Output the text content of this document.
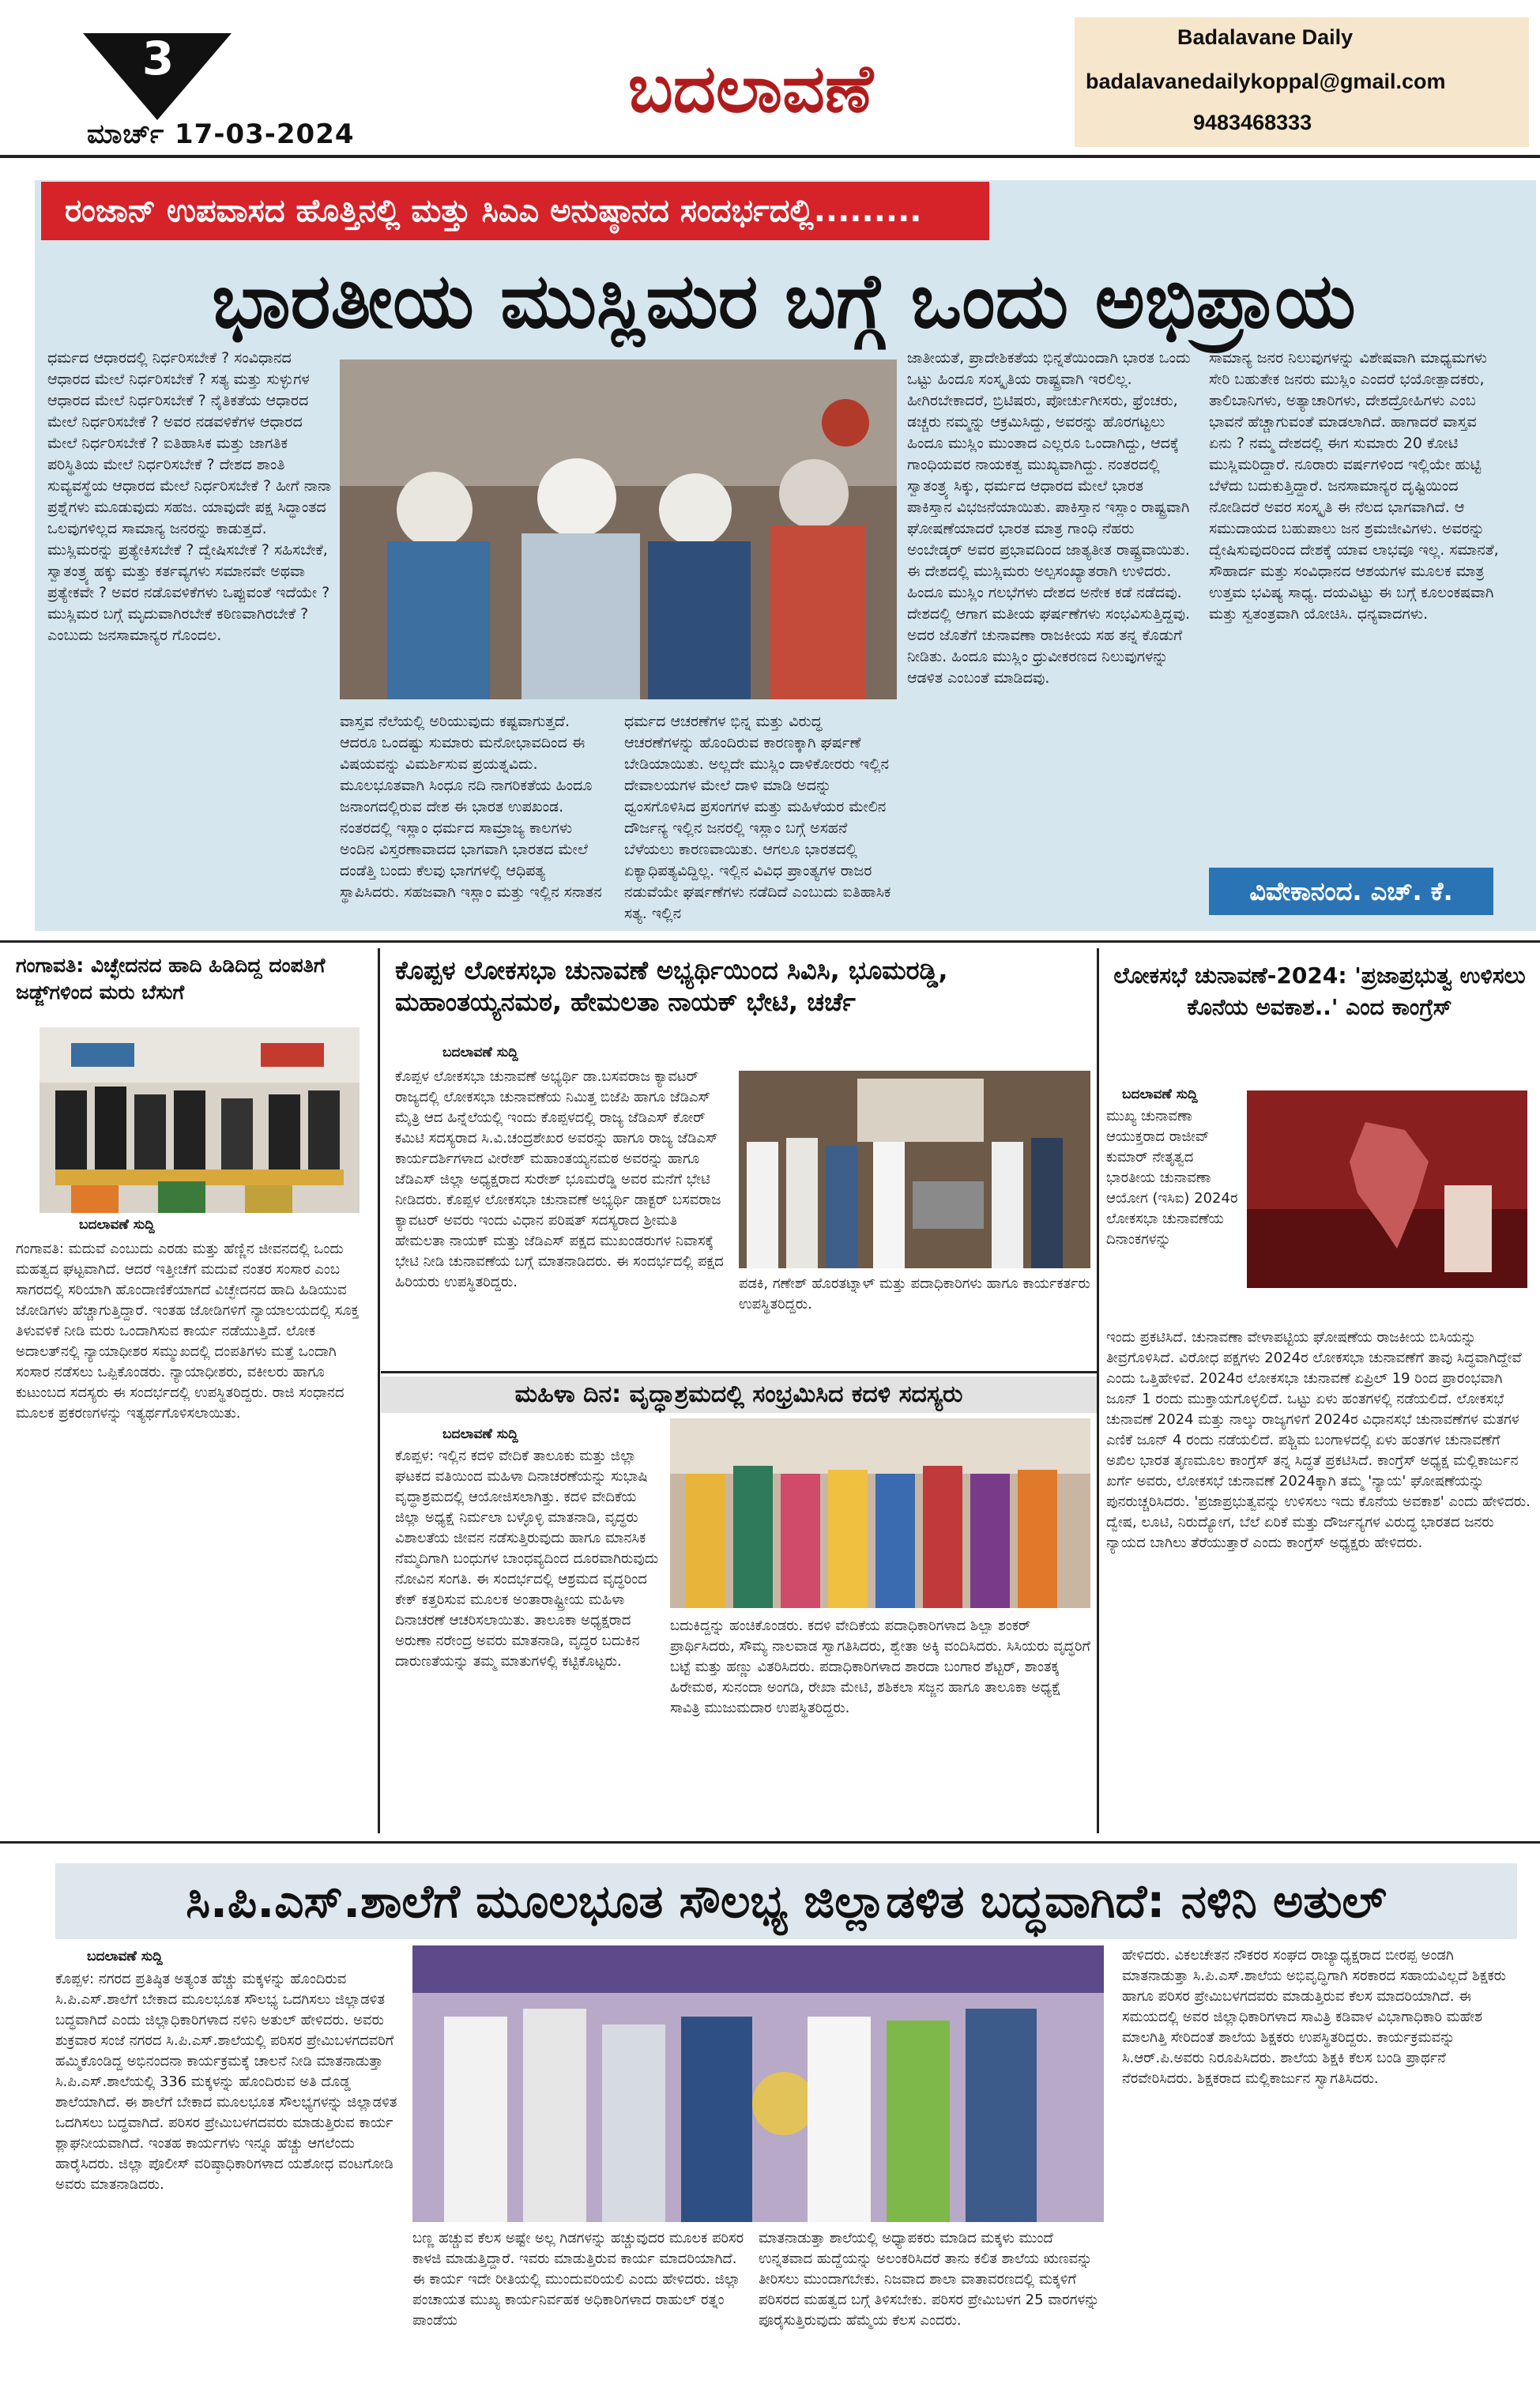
3
ಮಾರ್ಚ್ 17-03-2024
ಬದಲಾವಣೆ
Badalavane Daily
badalavanedailykoppal@gmail.com
9483468333
ರಂಜಾನ್ ಉಪವಾಸದ ಹೊತ್ತಿನಲ್ಲಿ ಮತ್ತು ಸಿಎಎ ಅನುಷ್ಠಾನದ ಸಂದರ್ಭದಲ್ಲಿ.........
ಭಾರತೀಯ ಮುಸ್ಲಿಮರ ಬಗ್ಗೆ ಒಂದು ಅಭಿಪ್ರಾಯ

ಧರ್ಮದ ಆಧಾರದಲ್ಲಿ ನಿರ್ಧರಿಸಬೇಕೆ ? ಸಂವಿಧಾನದ ಆಧಾರದ ಮೇಲೆ ನಿರ್ಧರಿಸಬೇಕೆ ? ಸತ್ಯ ಮತ್ತು ಸುಳ್ಳುಗಳ ಆಧಾರದ ಮೇಲೆ ನಿರ್ಧರಿಸಬೇಕೆ ? ನೈತಿಕತೆಯ ಆಧಾರದ ಮೇಲೆ ನಿರ್ಧರಿಸಬೇಕೆ ? ಅವರ ನಡವಳಿಕೆಗಳ ಆಧಾರದ ಮೇಲೆ ನಿರ್ಧರಿಸಬೇಕೆ ? ಐತಿಹಾಸಿಕ ಮತ್ತು ಜಾಗತಿಕ ಪರಿಸ್ಥಿತಿಯ ಮೇಲೆ ನಿರ್ಧರಿಸಬೇಕೆ ? ದೇಶದ ಶಾಂತಿ ಸುವ್ಯವಸ್ಥೆಯ ಆಧಾರದ ಮೇಲೆ ನಿರ್ಧರಿಸಬೇಕೆ ? ಹೀಗೆ ನಾನಾ ಪ್ರಶ್ನೆಗಳು ಮೂಡುವುದು ಸಹಜ. ಯಾವುದೇ ಪಕ್ಷ ಸಿದ್ಧಾಂತದ ಒಲವುಗಳಿಲ್ಲದ ಸಾಮಾನ್ಯ ಜನರನ್ನು ಕಾಡುತ್ತದೆ. ಮುಸ್ಲಿಮರನ್ನು ಪ್ರತ್ಯೇಕಿಸಬೇಕೆ ? ದ್ವೇಷಿಸಬೇಕೆ ? ಸಹಿಸಬೇಕೆ, ಸ್ವಾತಂತ್ರ್ಯ ಹಕ್ಕು ಮತ್ತು ಕರ್ತವ್ಯಗಳು ಸಮಾನವೇ ಅಥವಾ ಪ್ರತ್ಯೇಕವೇ ? ಅವರ ನಡೊವಳಿಕೆಗಳು ಒಪ್ಪುವಂತೆ ಇದೆಯೇ ? ಮುಸ್ಲಿಮರ ಬಗ್ಗೆ ಮೃದುವಾಗಿರಬೇಕೆ ಕಠಿಣವಾಗಿರಬೇಕೆ ? ಎಂಬುದು ಜನಸಾಮಾನ್ಯರ ಗೊಂದಲ.

ವಾಸ್ತವ ನೆಲೆಯಲ್ಲಿ ಅರಿಯುವುದು ಕಷ್ಟವಾಗುತ್ತದೆ. ಆದರೂ ಒಂದಷ್ಟು ಸುಮಾರು ಮನೋಭಾವದಿಂದ ಈ ವಿಷಯವನ್ನು ವಿಮರ್ಶಿಸುವ ಪ್ರಯತ್ನವಿದು. ಮೂಲಭೂತವಾಗಿ ಸಿಂಧೂ ನದಿ ನಾಗರಿಕತೆಯ ಹಿಂದೂ ಜನಾಂಗದಲ್ಲಿರುವ ದೇಶ ಈ ಭಾರತ ಉಪಖಂಡ. ನಂತರದಲ್ಲಿ ಇಸ್ಲಾಂ ಧರ್ಮದ ಸಾಮ್ರಾಜ್ಯ ಕಾಲಗಳು ಅಂದಿನ ವಿಸ್ತರಣಾವಾದದ ಭಾಗವಾಗಿ ಭಾರತದ ಮೇಲೆ ದಂಡೆತ್ತಿ ಬಂದು ಕೆಲವು ಭಾಗಗಳಲ್ಲಿ ಆಧಿಪತ್ಯ ಸ್ಥಾಪಿಸಿದರು. ಸಹಜವಾಗಿ ಇಸ್ಲಾಂ ಮತ್ತು ಇಲ್ಲಿನ ಸನಾತನ

ಧರ್ಮದ ಆಚರಣೆಗಳ ಭಿನ್ನ ಮತ್ತು ವಿರುದ್ಧ ಆಚರಣೆಗಳನ್ನು ಹೊಂದಿರುವ ಕಾರಣಕ್ಕಾಗಿ ಘರ್ಷಣೆ ಬೇಡಿಯಾಯಿತು. ಅಲ್ಲದೇ ಮುಸ್ಲಿಂ ದಾಳಿಕೋರರು ಇಲ್ಲಿನ ದೇವಾಲಯಗಳ ಮೇಲೆ ದಾಳಿ ಮಾಡಿ ಅದನ್ನು ಧ್ವಂಸಗೊಳಿಸಿದ ಪ್ರಸಂಗಗಳ ಮತ್ತು ಮಹಿಳೆಯರ ಮೇಲಿನ ದೌರ್ಜನ್ಯ ಇಲ್ಲಿನ ಜನರಲ್ಲಿ ಇಸ್ಲಾಂ ಬಗ್ಗೆ ಅಸಹನೆ ಬೆಳೆಯಲು ಕಾರಣವಾಯಿತು. ಆಗಲೂ ಭಾರತದಲ್ಲಿ ಏಕ್ಯಾಧಿಪತ್ಯವಿದ್ದಿಲ್ಲ. ಇಲ್ಲಿನ ವಿವಿಧ ಪ್ರಾಂತ್ಯಗಳ ರಾಜರ ನಡುವೆಯೇ ಘರ್ಷಣೆಗಳು ನಡೆದಿದೆ ಎಂಬುದು ಐತಿಹಾಸಿಕ ಸತ್ಯ. ಇಲ್ಲಿನ

ಜಾತೀಯತೆ, ಪ್ರಾದೇಶಿಕತೆಯ ಭಿನ್ನತೆಯಿಂದಾಗಿ ಭಾರತ ಒಂದು ಒಟ್ಟು ಹಿಂದೂ ಸಂಸ್ಕೃತಿಯ ರಾಷ್ಟ್ರವಾಗಿ ಇರಲಿಲ್ಲ. ಹೀಗಿರಬೇಕಾದರೆ, ಬ್ರಿಟಿಷರು, ಪೋರ್ಚುಗೀಸರು, ಫ್ರೆಂಚರು, ಡಚ್ಚರು ನಮ್ಮನ್ನು ಆಕ್ರಮಿಸಿದ್ದು, ಅವರನ್ನು ಹೊರಗಟ್ಟಲು ಹಿಂದೂ ಮುಸ್ಲಿಂ ಮುಂತಾದ ಎಲ್ಲರೂ ಒಂದಾಗಿದ್ದು, ಆದಕ್ಕೆ ಗಾಂಧಿಯವರ ನಾಯಕತ್ವ ಮುಖ್ಯವಾಗಿದ್ದು. ನಂತರದಲ್ಲಿ ಸ್ವಾತಂತ್ರ್ಯ ಸಿಕ್ಕು, ಧರ್ಮದ ಆಧಾರದ ಮೇಲೆ ಭಾರತ ಪಾಕಿಸ್ತಾನ ವಿಭಜನೆಯಾಯಿತು. ಪಾಕಿಸ್ತಾನ ಇಸ್ಲಾಂ ರಾಷ್ಟ್ರವಾಗಿ ಘೋಷಣೆಯಾದರೆ ಭಾರತ ಮಾತ್ರ ಗಾಂಧಿ ನೆಹರು ಅಂಬೇಡ್ಕರ್ ಅವರ ಪ್ರಭಾವದಿಂದ ಜಾತ್ಯತೀತ ರಾಷ್ಟ್ರವಾಯಿತು. ಈ ದೇಶದಲ್ಲಿ ಮುಸ್ಲಿಮರು ಅಲ್ಪಸಂಖ್ಯಾತರಾಗಿ ಉಳಿದರು. ಹಿಂದೂ ಮುಸ್ಲಿಂ ಗಲಭೆಗಳು ದೇಶದ ಅನೇಕ ಕಡೆ ನಡೆದವು. ದೇಶದಲ್ಲಿ ಆಗಾಗ ಮತೀಯ ಘರ್ಷಣೆಗಳು ಸಂಭವಿಸುತ್ತಿದ್ದವು. ಅದರ ಜೊತೆಗೆ ಚುನಾವಣಾ ರಾಜಕೀಯ ಸಹ ತನ್ನ ಕೊಡುಗೆ ನೀಡಿತು. ಹಿಂದೂ ಮುಸ್ಲಿಂ ಧ್ರುವೀಕರಣದ ನಿಲುವುಗಳನ್ನು ಆಡಳಿತ ಎಂಬಂತೆ ಮಾಡಿದವು.

ಸಾಮಾನ್ಯ ಜನರ ನಿಲುವುಗಳನ್ನು ವಿಶೇಷವಾಗಿ ಮಾಧ್ಯಮಗಳು ಸೇರಿ ಬಹುತೇಕ ಜನರು ಮುಸ್ಲಿಂ ಎಂದರೆ ಭಯೋತ್ಪಾದಕರು, ತಾಲಿಬಾನಿಗಳು, ಅತ್ಯಾಚಾರಿಗಳು, ದೇಶದ್ರೋಹಿಗಳು ಎಂಬ ಭಾವನೆ ಹೆಚ್ಚಾಗುವಂತೆ ಮಾಡಲಾಗಿದೆ. ಹಾಗಾದರೆ ವಾಸ್ತವ ಏನು ? ನಮ್ಮ ದೇಶದಲ್ಲಿ ಈಗ ಸುಮಾರು 20 ಕೋಟಿ ಮುಸ್ಲಿಮರಿದ್ದಾರೆ. ನೂರಾರು ವರ್ಷಗಳಿಂದ ಇಲ್ಲಿಯೇ ಹುಟ್ಟಿ ಬೆಳೆದು ಬದುಕುತ್ತಿದ್ದಾರೆ. ಜನಸಾಮಾನ್ಯರ ದೃಷ್ಟಿಯಿಂದ ನೋಡಿದರೆ ಅವರ ಸಂಸ್ಕೃತಿ ಈ ನೆಲದ ಭಾಗವಾಗಿದೆ. ಆ ಸಮುದಾಯದ ಬಹುಪಾಲು ಜನ ಶ್ರಮಜೀವಿಗಳು. ಅವರನ್ನು ದ್ವೇಷಿಸುವುದರಿಂದ ದೇಶಕ್ಕೆ ಯಾವ ಲಾಭವೂ ಇಲ್ಲ. ಸಮಾನತೆ, ಸೌಹಾರ್ದ ಮತ್ತು ಸಂವಿಧಾನದ ಆಶಯಗಳ ಮೂಲಕ ಮಾತ್ರ ಉತ್ತಮ ಭವಿಷ್ಯ ಸಾಧ್ಯ. ದಯವಿಟ್ಟು ಈ ಬಗ್ಗೆ ಕೂಲಂಕಷವಾಗಿ ಮತ್ತು ಸ್ವತಂತ್ರವಾಗಿ ಯೋಚಿಸಿ. ಧನ್ಯವಾದಗಳು.

ವಿವೇಕಾನಂದ. ಎಚ್. ಕೆ.
ಗಂಗಾವತಿ: ವಿಚ್ಛೇದನದ ಹಾದಿ ಹಿಡಿದಿದ್ದ ದಂಪತಿಗೆ ಜಡ್ಜ್‌ಗಳಿಂದ ಮರು ಬೆಸುಗೆ
ಬದಲಾವಣೆ ಸುದ್ದಿ

ಗಂಗಾವತಿ: ಮದುವೆ ಎಂಬುದು ಎರಡು ಮತ್ತು ಹೆಣ್ಣಿನ ಜೀವನದಲ್ಲಿ ಒಂದು ಮಹತ್ವದ ಘಟ್ಟವಾಗಿದೆ. ಆದರೆ ಇತ್ತೀಚೆಗೆ ಮದುವೆ ನಂತರ ಸಂಸಾರ ಎಂಬ ಸಾಗರದಲ್ಲಿ ಸರಿಯಾಗಿ ಹೊಂದಾಣಿಕೆಯಾಗದೆ ವಿಚ್ಛೇದನದ ಹಾದಿ ಹಿಡಿಯುವ ಜೋಡಿಗಳು ಹೆಚ್ಚಾಗುತ್ತಿದ್ದಾರೆ. ಇಂತಹ ಜೋಡಿಗಳಿಗೆ ನ್ಯಾಯಾಲಯದಲ್ಲಿ ಸೂಕ್ತ ತಿಳುವಳಿಕೆ ನೀಡಿ ಮರು ಒಂದಾಗಿಸುವ ಕಾರ್ಯ ನಡೆಯುತ್ತಿದೆ. ಲೋಕ ಅದಾಲತ್‌ನಲ್ಲಿ ನ್ಯಾಯಾಧೀಶರ ಸಮ್ಮುಖದಲ್ಲಿ ದಂಪತಿಗಳು ಮತ್ತೆ ಒಂದಾಗಿ ಸಂಸಾರ ನಡೆಸಲು ಒಪ್ಪಿಕೊಂಡರು. ನ್ಯಾಯಾಧೀಶರು, ವಕೀಲರು ಹಾಗೂ ಕುಟುಂಬದ ಸದಸ್ಯರು ಈ ಸಂದರ್ಭದಲ್ಲಿ ಉಪಸ್ಥಿತರಿದ್ದರು. ರಾಜಿ ಸಂಧಾನದ ಮೂಲಕ ಪ್ರಕರಣಗಳನ್ನು ಇತ್ಯರ್ಥಗೊಳಿಸಲಾಯಿತು.

ಕೊಪ್ಪಳ ಲೋಕಸಭಾ ಚುನಾವಣೆ ಅಭ್ಯರ್ಥಿಯಿಂದ ಸಿವಿಸಿ, ಭೂಮರಡ್ಡಿ, ಮಹಾಂತಯ್ಯನಮಠ, ಹೇಮಲತಾ ನಾಯಕ್ ಭೇಟಿ, ಚರ್ಚೆ
ಬದಲಾವಣೆ ಸುದ್ದಿ

ಕೊಪ್ಪಳ ಲೋಕಸಭಾ ಚುನಾವಣೆ ಅಭ್ಯರ್ಥಿ ಡಾ.ಬಸವರಾಜ ಕ್ಯಾವಟರ್ ರಾಜ್ಯದಲ್ಲಿ ಲೋಕಸಭಾ ಚುನಾವಣೆಯ ನಿಮಿತ್ತ ಬಿಜೆಪಿ ಹಾಗೂ ಜೆಡಿಎಸ್ ಮೈತ್ರಿ ಆದ ಹಿನ್ನೆಲೆಯಲ್ಲಿ ಇಂದು ಕೊಪ್ಪಳದಲ್ಲಿ ರಾಜ್ಯ ಜೆಡಿಎಸ್ ಕೋರ್ ಕಮಿಟಿ ಸದಸ್ಯರಾದ ಸಿ.ವಿ.ಚಂದ್ರಶೇಖರ ಅವರನ್ನು ಹಾಗೂ ರಾಜ್ಯ ಜೆಡಿಎಸ್ ಕಾರ್ಯದರ್ಶಿಗಳಾದ ವೀರೇಶ್ ಮಹಾಂತಯ್ಯನಮಠ ಅವರನ್ನು ಹಾಗೂ ಜೆಡಿಎಸ್ ಜಿಲ್ಲಾ ಅಧ್ಯಕ್ಷರಾದ ಸುರೇಶ್ ಭೂಮರೆಡ್ಡಿ ಅವರ ಮನೆಗೆ ಭೇಟಿ ನೀಡಿದರು. ಕೊಪ್ಪಳ ಲೋಕಸಭಾ ಚುನಾವಣೆ ಅಭ್ಯರ್ಥಿ ಡಾಕ್ಟರ್ ಬಸವರಾಜ ಕ್ಯಾವಟರ್ ಅವರು ಇಂದು ವಿಧಾನ ಪರಿಷತ್ ಸದಸ್ಯರಾದ ಶ್ರೀಮತಿ ಹೇಮಲತಾ ನಾಯಕ್ ಮತ್ತು ಜೆಡಿಎಸ್ ಪಕ್ಷದ ಮುಖಂಡರುಗಳ ನಿವಾಸಕ್ಕೆ ಭೇಟಿ ನೀಡಿ ಚುನಾವಣೆಯ ಬಗ್ಗೆ ಮಾತನಾಡಿದರು. ಈ ಸಂದರ್ಭದಲ್ಲಿ ಪಕ್ಷದ ಹಿರಿಯರು ಉಪಸ್ಥಿತರಿದ್ದರು.	ಪಡಕಿ, ಗಣೇಶ್ ಹೊರತಟ್ನಾಳ್ ಮತ್ತು ಪದಾಧಿಕಾರಿಗಳು ಹಾಗೂ ಕಾರ್ಯಕರ್ತರು ಉಪಸ್ಥಿತರಿದ್ದರು.

ಮಹಿಳಾ ದಿನ: ವೃದ್ಧಾಶ್ರಮದಲ್ಲಿ ಸಂಭ್ರಮಿಸಿದ ಕದಳಿ ಸದಸ್ಯರು
ಬದಲಾವಣೆ ಸುದ್ದಿ

ಕೊಪ್ಪಳ: ಇಲ್ಲಿನ ಕದಳಿ ವೇದಿಕೆ ತಾಲೂಕು ಮತ್ತು ಜಿಲ್ಲಾ ಘಟಕದ ವತಿಯಿಂದ ಮಹಿಳಾ ದಿನಾಚರಣೆಯನ್ನು ಸುಭಾಷಿ ವೃದ್ಧಾಶ್ರಮದಲ್ಲಿ ಆಯೋಜಿಸಲಾಗಿತ್ತು. ಕದಳಿ ವೇದಿಕೆಯ ಜಿಲ್ಲಾ ಅಧ್ಯಕ್ಷೆ ನಿರ್ಮಲಾ ಬಳ್ಳೊಳ್ಳಿ ಮಾತನಾಡಿ, ವೃದ್ಧರು ವಿಶಾಲತೆಯ ಜೀವನ ನಡೆಸುತ್ತಿರುವುದು ಹಾಗೂ ಮಾನಸಿಕ ನೆಮ್ಮದಿಗಾಗಿ ಬಂಧುಗಳ ಬಾಂಧವ್ಯದಿಂದ ದೂರವಾಗಿರುವುದು ನೋವಿನ ಸಂಗತಿ. ಈ ಸಂದರ್ಭದಲ್ಲಿ ಆಶ್ರಮದ ವೃದ್ಧರಿಂದ ಕೇಕ್ ಕತ್ತರಿಸುವ ಮೂಲಕ ಅಂತಾರಾಷ್ಟ್ರೀಯ ಮಹಿಳಾ ದಿನಾಚರಣೆ ಆಚರಿಸಲಾಯಿತು. ತಾಲೂಕಾ ಅಧ್ಯಕ್ಷರಾದ ಅರುಣಾ ನರೇಂದ್ರ ಅವರು ಮಾತನಾಡಿ, ವೃದ್ಧರ ಬದುಕಿನ ದಾರುಣತೆಯನ್ನು ತಮ್ಮ ಮಾತುಗಳಲ್ಲಿ ಕಟ್ಟಿಕೊಟ್ಟರು.

ಬದುಕಿದ್ದನ್ನು ಹಂಚಿಕೊಂಡರು. ಕದಳಿ ವೇದಿಕೆಯ ಪದಾಧಿಕಾರಿಗಳಾದ ಶಿಲ್ಪಾ ಶಂಕರ್ ಪ್ರಾರ್ಥಿಸಿದರು, ಸೌಮ್ಯ ನಾಲವಾಡ ಸ್ವಾಗತಿಸಿದರು, ಶ್ವೇತಾ ಅಕ್ಕಿ ವಂದಿಸಿದರು. ಸಿಸಿಯರು ವೃದ್ಧರಿಗೆ ಬಟ್ಟೆ ಮತ್ತು ಹಣ್ಣು ವಿತರಿಸಿದರು. ಪದಾಧಿಕಾರಿಗಳಾದ ಶಾರದಾ ಬಂಗಾರ ಶೆಟ್ಟರ್, ಶಾಂತಕ್ಕ ಹಿರೇಮಠ, ಸುನಂದಾ ಅಂಗಡಿ, ರೇಖಾ ಮೇಟಿ, ಶಶಿಕಲಾ ಸಜ್ಜನ ಹಾಗೂ ತಾಲೂಕಾ ಅಧ್ಯಕ್ಷೆ ಸಾವಿತ್ರಿ ಮುಜುಮದಾರ ಉಪಸ್ಥಿತರಿದ್ದರು.

ಲೋಕಸಭೆ ಚುನಾವಣೆ-2024: 'ಪ್ರಜಾಪ್ರಭುತ್ವ ಉಳಿಸಲು ಕೊನೆಯ ಅವಕಾಶ..' ಎಂದ ಕಾಂಗ್ರೆಸ್
ಬದಲಾವಣೆ ಸುದ್ದಿ

ಮುಖ್ಯ ಚುನಾವಣಾ ಆಯುಕ್ತರಾದ ರಾಜೀವ್ ಕುಮಾರ್ ನೇತೃತ್ವದ ಭಾರತೀಯ ಚುನಾವಣಾ ಆಯೋಗ (ಇಸಿಐ) 2024ರ ಲೋಕಸಭಾ ಚುನಾವಣೆಯ ದಿನಾಂಕಗಳನ್ನು

ಇಂದು ಪ್ರಕಟಿಸಿದೆ. ಚುನಾವಣಾ ವೇಳಾಪಟ್ಟಿಯ ಘೋಷಣೆಯ ರಾಜಕೀಯ ಬಿಸಿಯನ್ನು ತೀವ್ರಗೊಳಿಸಿದೆ. ವಿರೋಧ ಪಕ್ಷಗಳು 2024ರ ಲೋಕಸಭಾ ಚುನಾವಣೆಗೆ ತಾವು ಸಿದ್ಧವಾಗಿದ್ದೇವೆ ಎಂದು ಒತ್ತಿಹೇಳಿವೆ. 2024ರ ಲೋಕಸಭಾ ಚುನಾವಣೆ ಏಪ್ರಿಲ್ 19 ರಿಂದ ಪ್ರಾರಂಭವಾಗಿ ಜೂನ್ 1 ರಂದು ಮುಕ್ತಾಯಗೊಳ್ಳಲಿದೆ. ಒಟ್ಟು ಏಳು ಹಂತಗಳಲ್ಲಿ ನಡೆಯಲಿದೆ. ಲೋಕಸಭೆ ಚುನಾವಣೆ 2024 ಮತ್ತು ನಾಲ್ಕು ರಾಜ್ಯಗಳಿಗೆ 2024ರ ವಿಧಾನಸಭೆ ಚುನಾವಣೆಗಳ ಮತಗಳ ಎಣಿಕೆ ಜೂನ್ 4 ರಂದು ನಡೆಯಲಿದೆ. ಪಶ್ಚಿಮ ಬಂಗಾಳದಲ್ಲಿ ಏಳು ಹಂತಗಳ ಚುನಾವಣೆಗೆ ಅಖಿಲ ಭಾರತ ತೃಣಮೂಲ ಕಾಂಗ್ರೆಸ್ ತನ್ನ ಸಿದ್ಧತೆ ಪ್ರಕಟಿಸಿದೆ. ಕಾಂಗ್ರೆಸ್ ಅಧ್ಯಕ್ಷ ಮಲ್ಲಿಕಾರ್ಜುನ ಖರ್ಗೆ ಅವರು, ಲೋಕಸಭೆ ಚುನಾವಣೆ 2024ಕ್ಕಾಗಿ ತಮ್ಮ 'ನ್ಯಾಯ' ಘೋಷಣೆಯನ್ನು ಪುನರುಚ್ಚರಿಸಿದರು. 'ಪ್ರಜಾಪ್ರಭುತ್ವವನ್ನು ಉಳಿಸಲು ಇದು ಕೊನೆಯ ಅವಕಾಶ' ಎಂದು ಹೇಳಿದರು. ದ್ವೇಷ, ಲೂಟಿ, ನಿರುದ್ಯೋಗ, ಬೆಲೆ ಏರಿಕೆ ಮತ್ತು ದೌರ್ಜನ್ಯಗಳ ವಿರುದ್ಧ ಭಾರತದ ಜನರು ನ್ಯಾಯದ ಬಾಗಿಲು ತೆರೆಯುತ್ತಾರೆ ಎಂದು ಕಾಂಗ್ರೆಸ್ ಅಧ್ಯಕ್ಷರು ಹೇಳಿದರು.

ಸಿ.ಪಿ.ಎಸ್.ಶಾಲೆಗೆ ಮೂಲಭೂತ ಸೌಲಭ್ಯ ಜಿಲ್ಲಾಡಳಿತ ಬದ್ಧವಾಗಿದೆ: ನಳಿನಿ ಅತುಲ್
ಬದಲಾವಣೆ ಸುದ್ದಿ

ಕೊಪ್ಪಳ: ನಗರದ ಪ್ರತಿಷ್ಠಿತ ಅತ್ಯಂತ ಹೆಚ್ಚು ಮಕ್ಕಳನ್ನು ಹೊಂದಿರುವ ಸಿ.ಪಿ.ಎಸ್.ಶಾಲೆಗೆ ಬೇಕಾದ ಮೂಲಭೂತ ಸೌಲಭ್ಯ ಒದಗಿಸಲು ಜಿಲ್ಲಾಡಳಿತ ಬದ್ಧವಾಗಿದೆ ಎಂದು ಜಿಲ್ಲಾಧಿಕಾರಿಗಳಾದ ನಳಿನಿ ಅತುಲ್ ಹೇಳಿದರು. ಅವರು ಶುಕ್ರವಾರ ಸಂಜೆ ನಗರದ ಸಿ.ಪಿ.ಎಸ್.ಶಾಲೆಯಲ್ಲಿ ಪರಿಸರ ಪ್ರೇಮಿಬಳಗದವರಿಗೆ ಹಮ್ಮಿಕೊಂಡಿದ್ದ ಅಭಿನಂದನಾ ಕಾರ್ಯಕ್ರಮಕ್ಕೆ ಚಾಲನೆ ನೀಡಿ ಮಾತನಾಡುತ್ತಾ ಸಿ.ಪಿ.ಎಸ್.ಶಾಲೆಯಲ್ಲಿ 336 ಮಕ್ಕಳನ್ನು ಹೊಂದಿರುವ ಅತಿ ದೊಡ್ಡ ಶಾಲೆಯಾಗಿದೆ. ಈ ಶಾಲೆಗೆ ಬೇಕಾದ ಮೂಲಭೂತ ಸೌಲಭ್ಯಗಳನ್ನು ಜಿಲ್ಲಾಡಳಿತ ಒದಗಿಸಲು ಬದ್ಧವಾಗಿದೆ. ಪರಿಸರ ಪ್ರೇಮಿಬಳಗದವರು ಮಾಡುತ್ತಿರುವ ಕಾರ್ಯ ಶ್ಲಾಘನೀಯವಾಗಿದೆ. ಇಂತಹ ಕಾರ್ಯಗಳು ಇನ್ನೂ ಹೆಚ್ಚು ಆಗಲೆಂದು ಹಾರೈಸಿದರು. ಜಿಲ್ಲಾ ಪೊಲೀಸ್ ವರಿಷ್ಠಾಧಿಕಾರಿಗಳಾದ ಯಶೋಧ ವಂಟಗೋಡಿ ಅವರು ಮಾತನಾಡಿದರು.

ಬಣ್ಣ ಹಚ್ಚುವ ಕೆಲಸ ಅಷ್ಟೇ ಅಲ್ಲ ಗಿಡಗಳನ್ನು ಹಚ್ಚುವುದರ ಮೂಲಕ ಪರಿಸರ ಕಾಳಜಿ ಮಾಡುತ್ತಿದ್ದಾರೆ. ಇವರು ಮಾಡುತ್ತಿರುವ ಕಾರ್ಯ ಮಾದರಿಯಾಗಿದೆ. ಈ ಕಾರ್ಯ ಇದೇ ರೀತಿಯಲ್ಲಿ ಮುಂದುವರಿಯಲಿ ಎಂದು ಹೇಳಿದರು. ಜಿಲ್ಲಾ ಪಂಚಾಯತ ಮುಖ್ಯ ಕಾರ್ಯನಿರ್ವಹಕ ಅಧಿಕಾರಿಗಳಾದ ರಾಹುಲ್ ರತ್ನಂ ಪಾಂಡೆಯ

ಮಾತನಾಡುತ್ತಾ ಶಾಲೆಯಲ್ಲಿ ಅಧ್ಯಾಪಕರು ಮಾಡಿದ ಮಕ್ಕಳು ಮುಂದೆ ಉನ್ನತವಾದ ಹುದ್ದೆಯನ್ನು ಅಲಂಕರಿಸಿದರೆ ತಾನು ಕಲಿತ ಶಾಲೆಯ ಋಣವನ್ನು ತೀರಿಸಲು ಮುಂದಾಗಬೇಕು. ನಿಜವಾದ ಶಾಲಾ ವಾತಾವರಣದಲ್ಲಿ ಮಕ್ಕಳಿಗೆ ಪರಿಸರದ ಮಹತ್ವದ ಬಗ್ಗೆ ತಿಳಿಸಬೇಕು. ಪರಿಸರ ಪ್ರೇಮಿಬಳಗ 25 ವಾರಗಳನ್ನು ಪೂರೈಸುತ್ತಿರುವುದು ಹೆಮ್ಮೆಯ ಕೆಲಸ ಎಂದರು.

ಹೇಳಿದರು. ವಿಕಲಚೇತನ ನೌಕರರ ಸಂಘದ ರಾಜ್ಯಾಧ್ಯಕ್ಷರಾದ ಬೀರಪ್ಪ ಅಂಡಗಿ ಮಾತನಾಡುತ್ತಾ ಸಿ.ಪಿ.ಎಸ್.ಶಾಲೆಯ ಅಭಿವೃದ್ಧಿಗಾಗಿ ಸರಕಾರದ ಸಹಾಯವಿಲ್ಲದೆ ಶಿಕ್ಷಕರು ಹಾಗೂ ಪರಿಸರ ಪ್ರೇಮಿಬಳಗದವರು ಮಾಡುತ್ತಿರುವ ಕೆಲಸ ಮಾದರಿಯಾಗಿದೆ. ಈ ಸಮಯದಲ್ಲಿ ಅವರ ಜಿಲ್ಲಾಧಿಕಾರಿಗಳಾದ ಸಾವಿತ್ರಿ ಕಡಿವಾಳ ವಿಭಾಗಾಧಿಕಾರಿ ಮಹೇಶ ಮಾಲಗಿತ್ತಿ ಸೇರಿದಂತೆ ಶಾಲೆಯ ಶಿಕ್ಷಕರು ಉಪಸ್ಥಿತರಿದ್ದರು. ಕಾರ್ಯಕ್ರಮವನ್ನು ಸಿ.ಆರ್.ಪಿ.ಅವರು ನಿರೂಪಿಸಿದರು. ಶಾಲೆಯ ಶಿಕ್ಷಕಿ ಕೆಲಸ ಬಂಡಿ ಪ್ರಾರ್ಥನೆ ನೆರವೇರಿಸಿದರು. ಶಿಕ್ಷಕರಾದ ಮಲ್ಲಿಕಾರ್ಜುನ ಸ್ವಾಗತಿಸಿದರು.
